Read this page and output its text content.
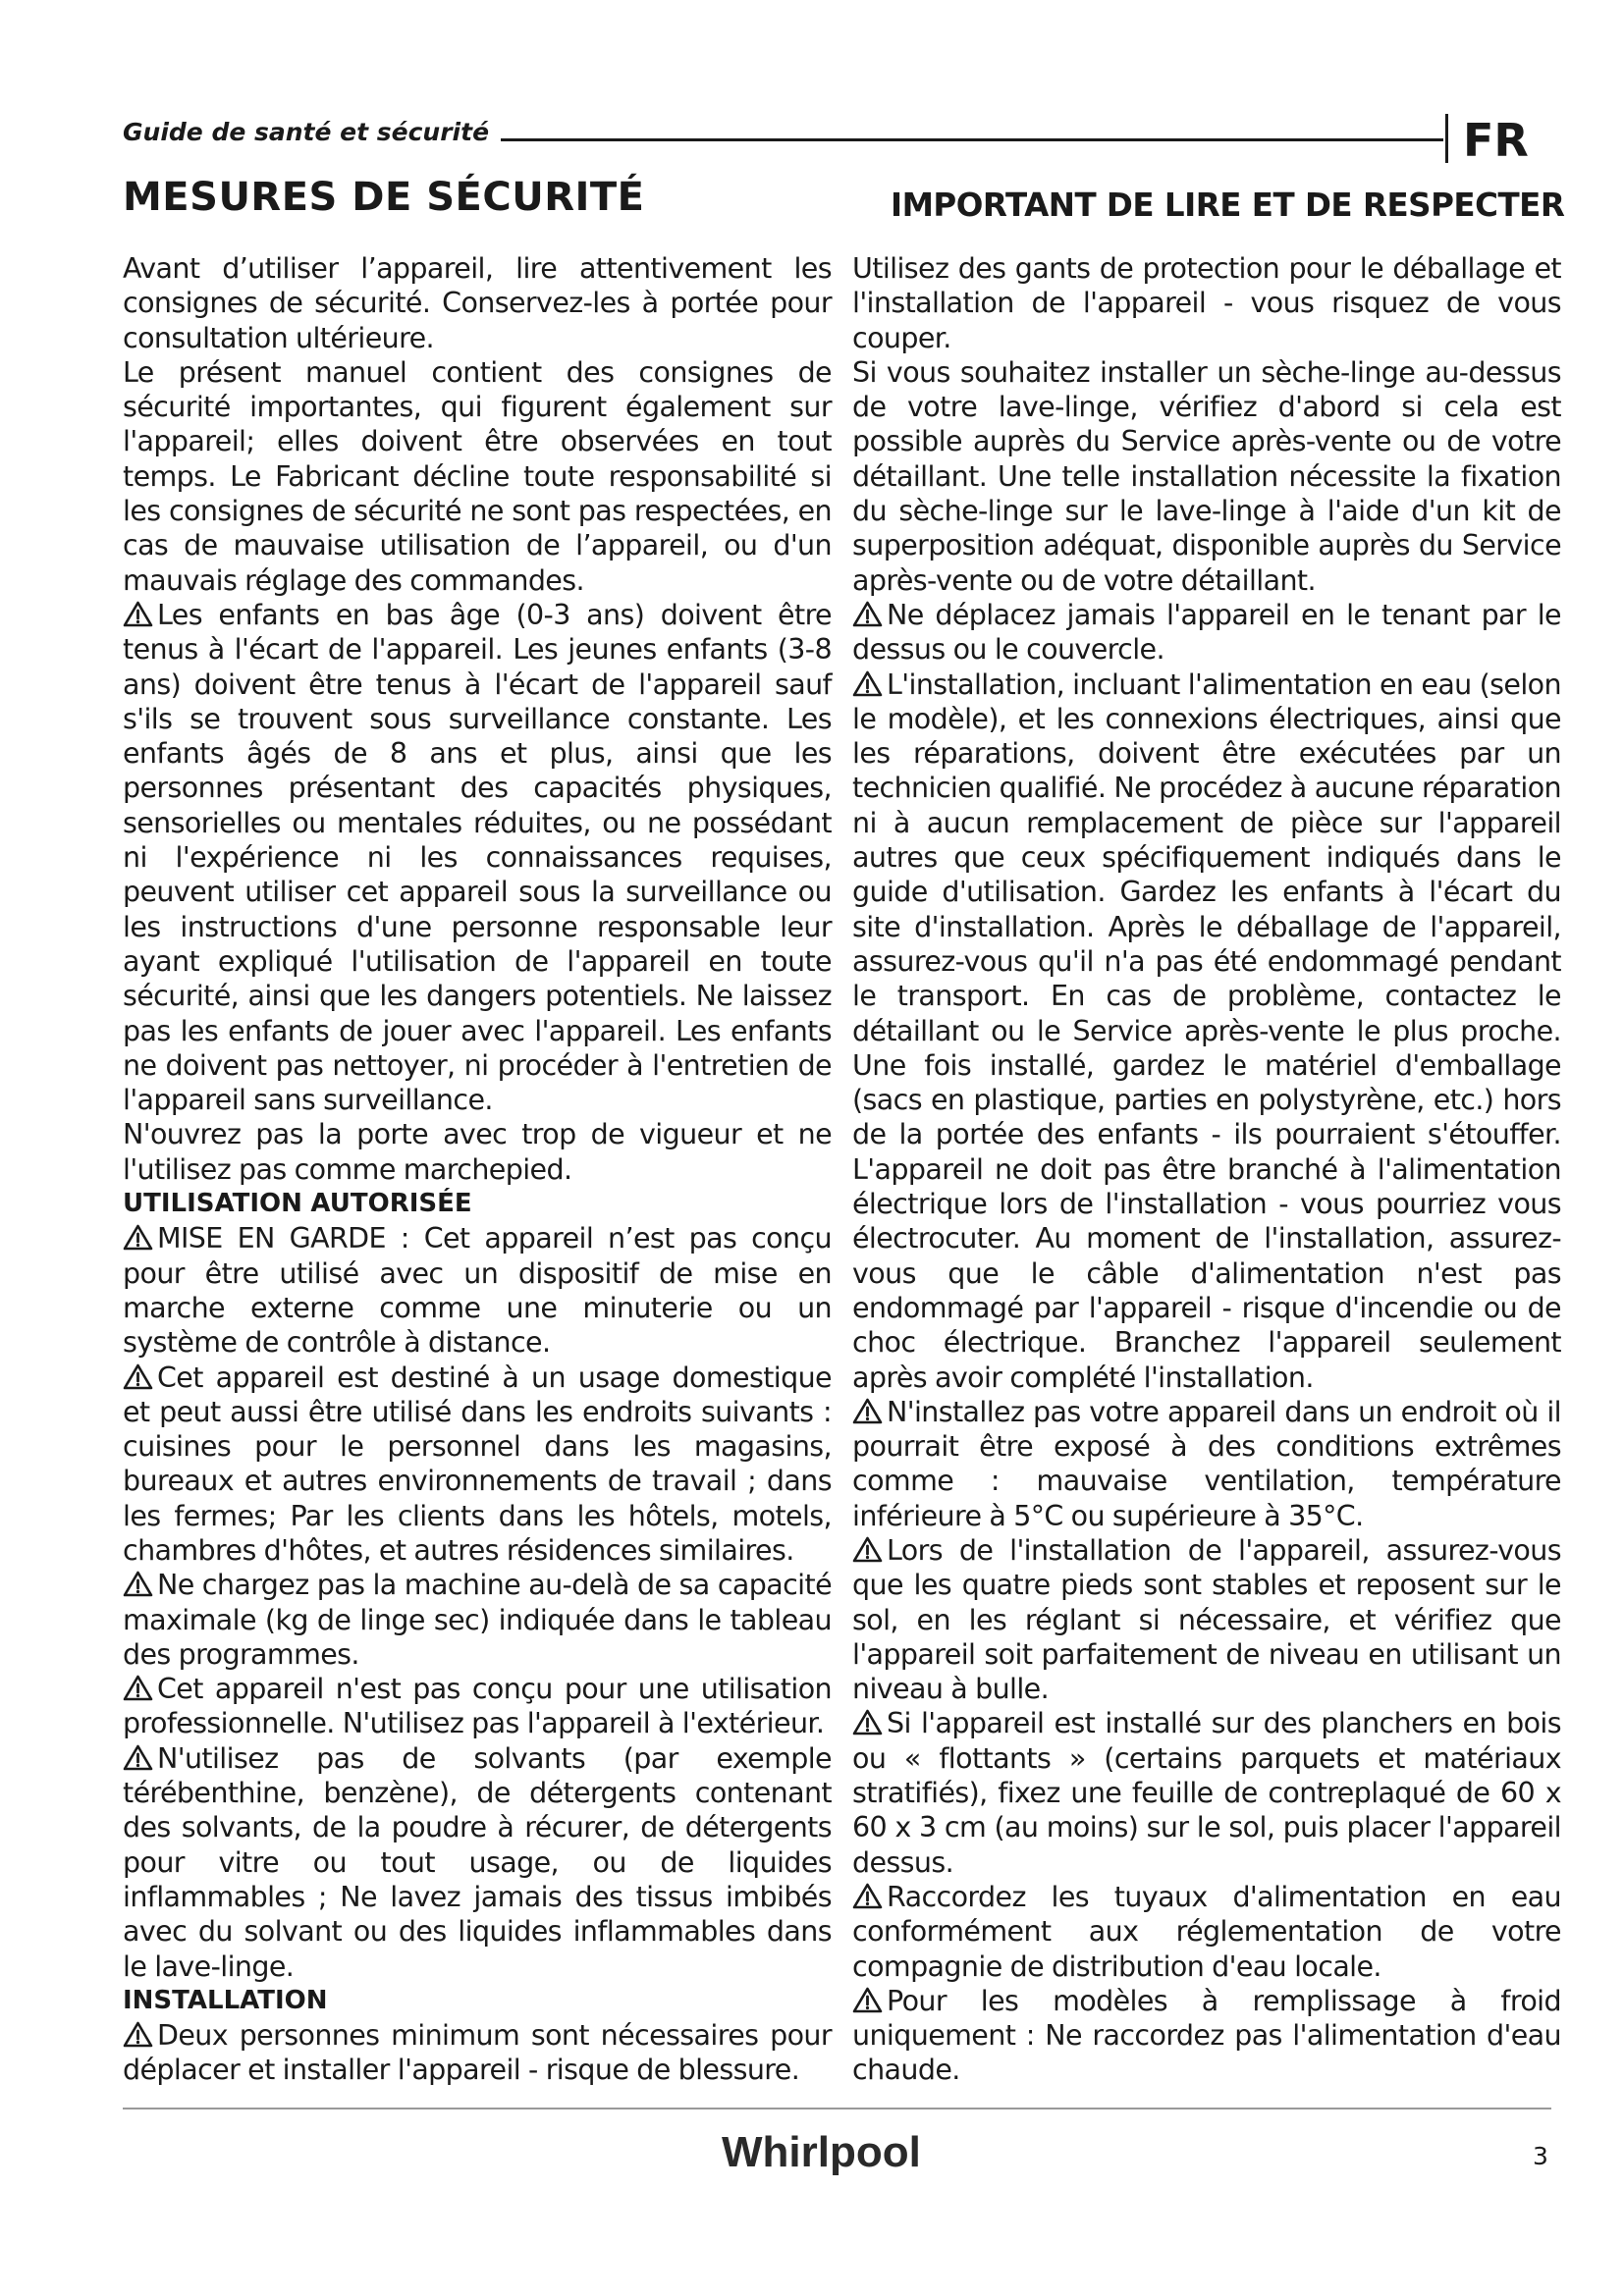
Guide de santé et sécurité	FR
MESURES DE SÉCURITÉ	IMPORTANT DE LIRE ET DE RESPECTER

Avant d’utiliser l’appareil, lire attentivement les consignes de sécurité. Conservez-les à portée pour consultation ultérieure.

Le présent manuel contient des consignes de sécurité importantes, qui figurent également sur l'appareil; elles doivent être observées en tout temps. Le Fabricant décline toute responsabilité si les consignes de sécurité ne sont pas respectées, en cas de mauvaise utilisation de l’appareil, ou d'un mauvais réglage des commandes.

Les enfants en bas âge (0-3 ans) doivent être tenus à l'écart de l'appareil. Les jeunes enfants (3-8 ans) doivent être tenus à l'écart de l'appareil sauf s'ils se trouvent sous surveillance constante. Les enfants âgés de 8 ans et plus, ainsi que les personnes présentant des capacités physiques, sensorielles ou mentales réduites, ou ne possédant ni l'expérience ni les connaissances requises, peuvent utiliser cet appareil sous la surveillance ou les instructions d'une personne responsable leur ayant expliqué l'utilisation de l'appareil en toute sécurité, ainsi que les dangers potentiels. Ne laissez pas les enfants de jouer avec l'appareil. Les enfants ne doivent pas nettoyer, ni procéder à l'entretien de l'appareil sans surveillance.

N'ouvrez pas la porte avec trop de vigueur et ne l'utilisez pas comme marchepied.

UTILISATION AUTORISÉE

MISE EN GARDE : Cet appareil n’est pas conçu pour être utilisé avec un dispositif de mise en marche externe comme une minuterie ou un système de contrôle à distance.

Cet appareil est destiné à un usage domestique et peut aussi être utilisé dans les endroits suivants : cuisines pour le personnel dans les magasins, bureaux et autres environnements de travail ; dans les fermes; Par les clients dans les hôtels, motels, chambres d'hôtes, et autres résidences similaires.

Ne chargez pas la machine au-delà de sa capacité maximale (kg de linge sec) indiquée dans le tableau des programmes.

Cet appareil n'est pas conçu pour une utilisation professionnelle. N'utilisez pas l'appareil à l'extérieur.

N'utilisez pas de solvants (par exemple térébenthine, benzène), de détergents contenant des solvants, de la poudre à récurer, de détergents pour vitre ou tout usage, ou de liquides inflammables ; Ne lavez jamais des tissus imbibés avec du solvant ou des liquides inflammables dans le lave-linge.

INSTALLATION

Deux personnes minimum sont nécessaires pour déplacer et installer l'appareil - risque de blessure.

Utilisez des gants de protection pour le déballage et l'installation de l'appareil - vous risquez de vous couper.

Si vous souhaitez installer un sèche-linge au-dessus de votre lave-linge, vérifiez d'abord si cela est possible auprès du Service après-vente ou de votre détaillant. Une telle installation nécessite la fixation du sèche-linge sur le lave-linge à l'aide d'un kit de superposition adéquat, disponible auprès du Service après-vente ou de votre détaillant.

Ne déplacez jamais l'appareil en le tenant par le dessus ou le couvercle.

L'installation, incluant l'alimentation en eau (selon le modèle), et les connexions électriques, ainsi que les réparations, doivent être exécutées par un technicien qualifié. Ne procédez à aucune réparation ni à aucun remplacement de pièce sur l'appareil autres que ceux spécifiquement indiqués dans le guide d'utilisation. Gardez les enfants à l'écart du site d'installation. Après le déballage de l'appareil, assurez-vous qu'il n'a pas été endommagé pendant le transport. En cas de problème, contactez le détaillant ou le Service après-vente le plus proche. Une fois installé, gardez le matériel d'emballage (sacs en plastique, parties en polystyrène, etc.) hors de la portée des enfants - ils pourraient s'étouffer. L'appareil ne doit pas être branché à l'alimentation électrique lors de l'installation - vous pourriez vous électrocuter. Au moment de l'installation, assurez-vous que le câble d'alimentation n'est pas endommagé par l'appareil - risque d'incendie ou de choc électrique. Branchez l'appareil seulement après avoir complété l'installation.

N'installez pas votre appareil dans un endroit où il pourrait être exposé à des conditions extrêmes comme : mauvaise ventilation, température inférieure à 5°C ou supérieure à 35°C.

Lors de l'installation de l'appareil, assurez-vous que les quatre pieds sont stables et reposent sur le sol, en les réglant si nécessaire, et vérifiez que l'appareil soit parfaitement de niveau en utilisant un niveau à bulle.

Si l'appareil est installé sur des planchers en bois ou « flottants » (certains parquets et matériaux stratifiés), fixez une feuille de contreplaqué de 60 x 60 x 3 cm (au moins) sur le sol, puis placer l'appareil dessus.

Raccordez les tuyaux d'alimentation en eau conformément aux réglementation de votre compagnie de distribution d'eau locale.

Pour les modèles à remplissage à froid uniquement : Ne raccordez pas l'alimentation d'eau chaude.

Whirlpool	3
